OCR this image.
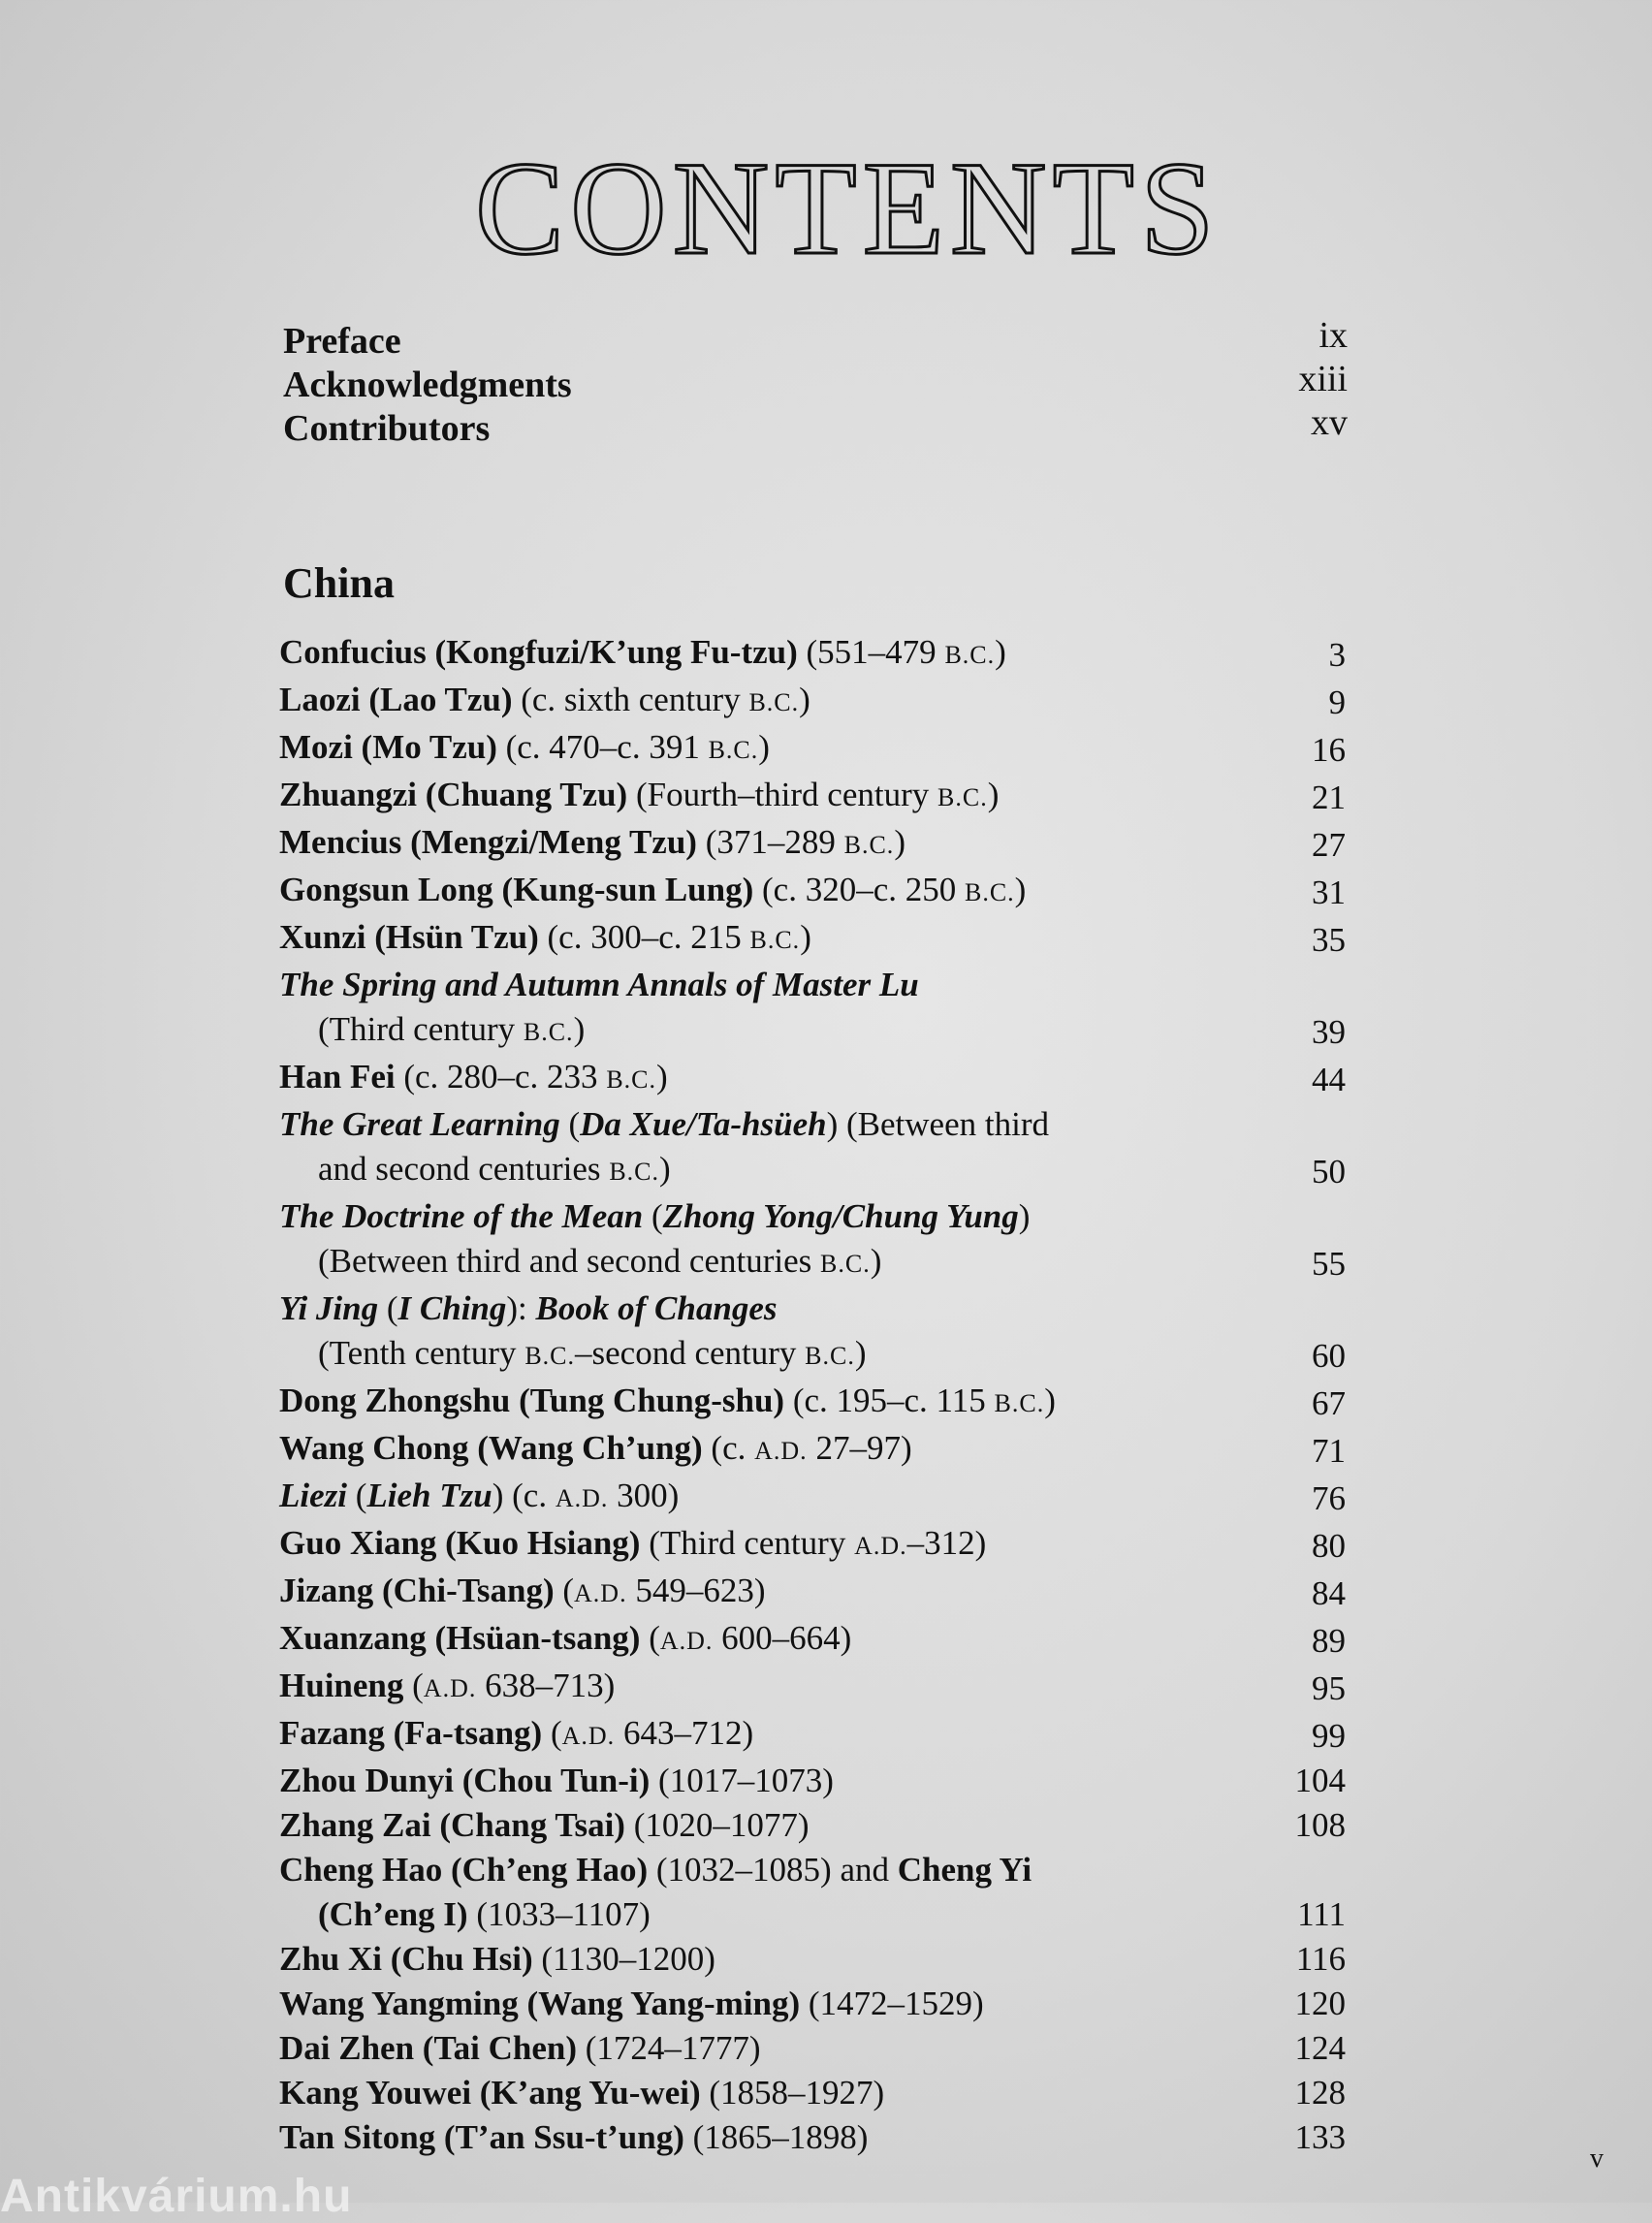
CONTENTS
Preface	ix
Acknowledgments	xiii
Contributors	xv
China
Confucius (Kongfuzi/K’ung Fu-tzu) (551–479 B.C.)	3
Laozi (Lao Tzu) (c. sixth century B.C.)	9
Mozi (Mo Tzu) (c. 470–c. 391 B.C.)	16
Zhuangzi (Chuang Tzu) (Fourth–third century B.C.)	21
Mencius (Mengzi/Meng Tzu) (371–289 B.C.)	27
Gongsun Long (Kung-sun Lung) (c. 320–c. 250 B.C.)	31
Xunzi (Hsün Tzu) (c. 300–c. 215 B.C.)	35
The Spring and Autumn Annals of Master Lu
(Third century B.C.)	39
Han Fei (c. 280–c. 233 B.C.)	44
The Great Learning (Da Xue/Ta-hsüeh) (Between third
and second centuries B.C.)	50
The Doctrine of the Mean (Zhong Yong/Chung Yung)
(Between third and second centuries B.C.)	55
Yi Jing (I Ching): Book of Changes
(Tenth century B.C.–second century B.C.)	60
Dong Zhongshu (Tung Chung-shu) (c. 195–c. 115 B.C.)	67
Wang Chong (Wang Ch’ung) (c. A.D. 27–97)	71
Liezi (Lieh Tzu) (c. A.D. 300)	76
Guo Xiang (Kuo Hsiang) (Third century A.D.–312)	80
Jizang (Chi-Tsang) (A.D. 549–623)	84
Xuanzang (Hsüan-tsang) (A.D. 600–664)	89
Huineng (A.D. 638–713)	95
Fazang (Fa-tsang) (A.D. 643–712)	99
Zhou Dunyi (Chou Tun-i) (1017–1073)	104
Zhang Zai (Chang Tsai) (1020–1077)	108
Cheng Hao (Ch’eng Hao) (1032–1085) and Cheng Yi
(Ch’eng I) (1033–1107)	111
Zhu Xi (Chu Hsi) (1130–1200)	116
Wang Yangming (Wang Yang-ming) (1472–1529)	120
Dai Zhen (Tai Chen) (1724–1777)	124
Kang Youwei (K’ang Yu-wei) (1858–1927)	128
Tan Sitong (T’an Ssu-t’ung) (1865–1898)	133
v
Antikvárium.hu
